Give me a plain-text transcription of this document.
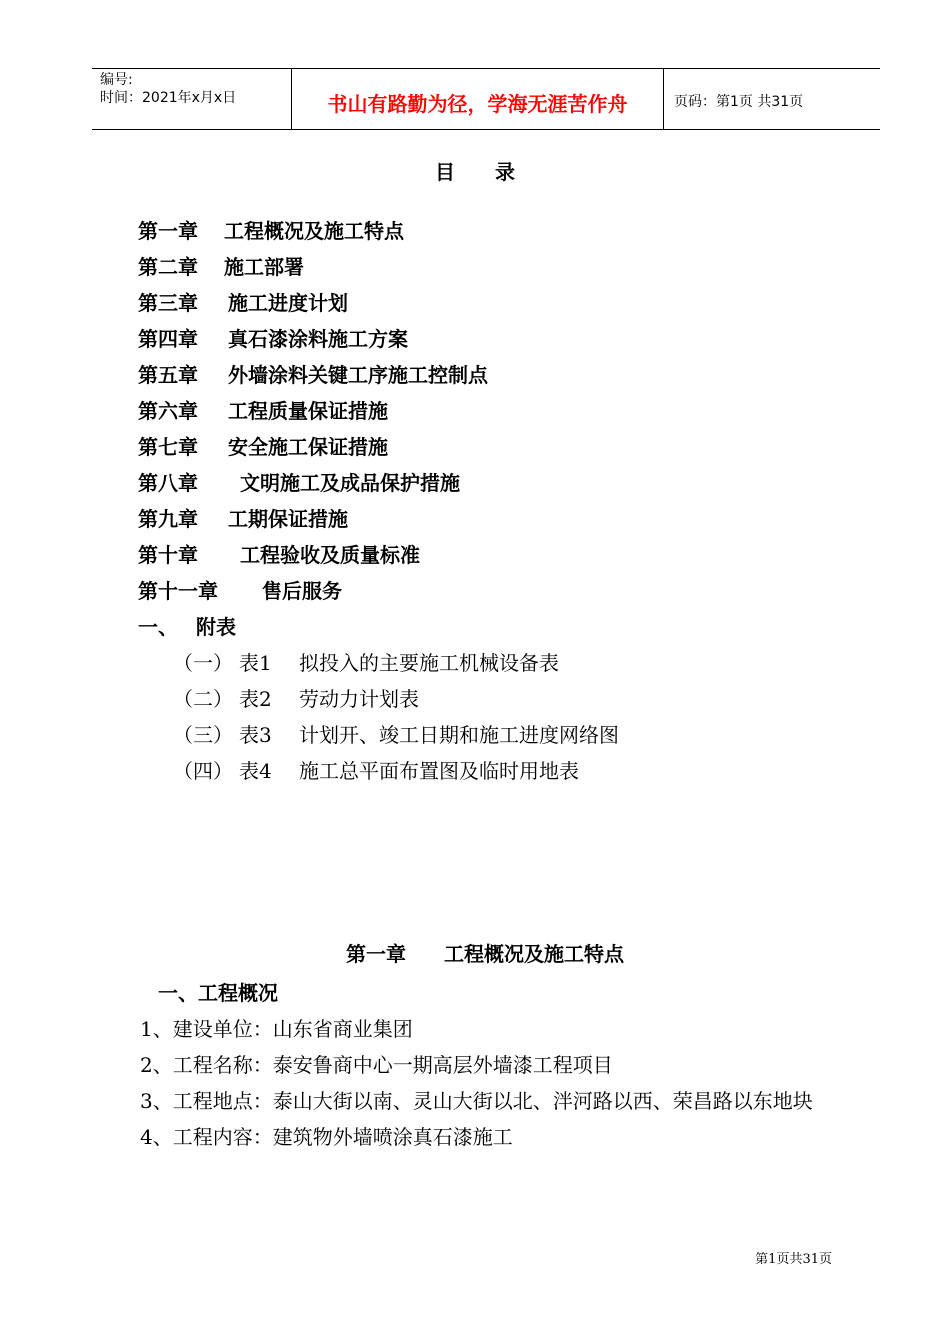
编号:
时间：2021年x月x日	书山有路勤为径，学海无涯苦作舟	页码：第1页 共31页
目录
第一章	工程概况及施工特点
第二章	施工部署
第三章	施工进度计划
第四章	真石漆涂料施工方案
第五章	外墙涂料关键工序施工控制点
第六章	工程质量保证措施
第七章	安全施工保证措施
第八章	文明施工及成品保护措施
第九章	工期保证措施
第十章	工程验收及质量标准
第十一章	售后服务
一、 附表
（一） 表1	拟投入的主要施工机械设备表
（二） 表2	劳动力计划表
（三） 表3	计划开、竣工日期和施工进度网络图
（四） 表4	施工总平面布置图及临时用地表
第一章 工程概况及施工特点
一、工程概况

1、建设单位：山东省商业集团

2、工程名称：泰安鲁商中心一期高层外墙漆工程项目

3、工程地点：泰山大街以南、灵山大街以北、泮河路以西、荣昌路以东地块

4、工程内容：建筑物外墙喷涂真石漆施工

第1页共31页
